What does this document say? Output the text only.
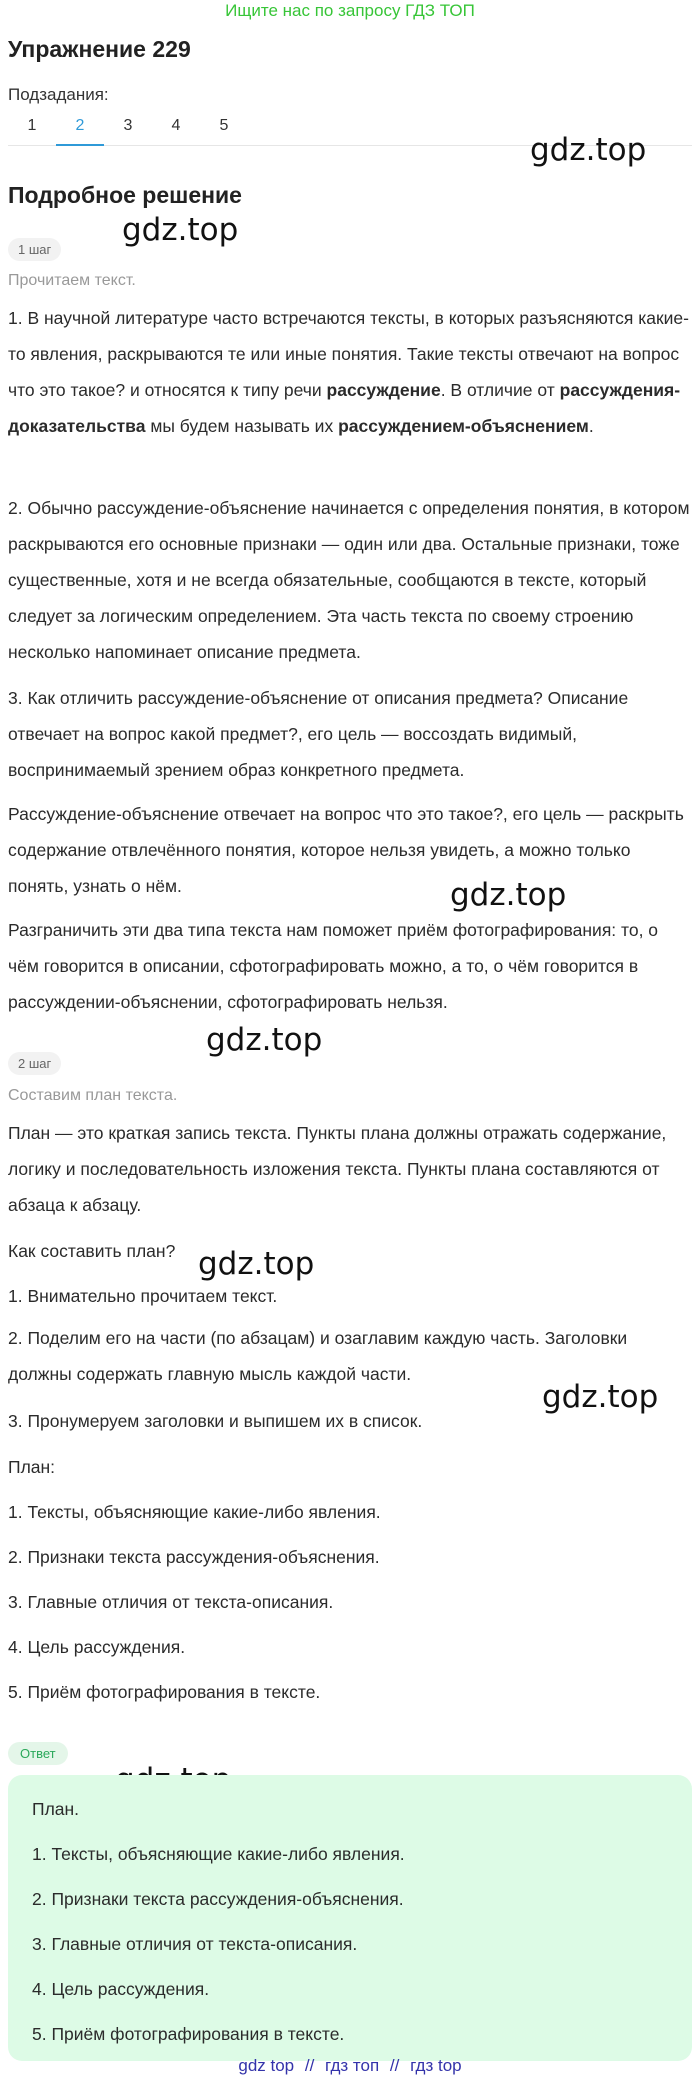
Ищите нас по запросу ГДЗ ТОП
Упражнение 229
Подзадания:
1	2	3	4	5
gdz.top
gdz.top
gdz.top
gdz.top
gdz.top
gdz.top
Подробное решение
1 шаг
Прочитаем текст.
1. В научной литературе часто встречаются тексты, в которых разъясняются какие-то явления, раскрываются те или иные понятия. Такие тексты отвечают на вопрос что это такое? и относятся к типу речи рассуждение. В отличие от рассуждения-доказательства мы будем называть их рассуждением-объяснением.
2. Обычно рассуждение-объяснение начинается с определения понятия, в котором раскрываются его основные признаки — один или два. Остальные признаки, тоже существенные, хотя и не всегда обязательные, сообщаются в тексте, который следует за логическим определением. Эта часть текста по своему строению несколько напоминает описание предмета.
3. Как отличить рассуждение-объяснение от описания предмета? Описание отвечает на вопрос какой предмет?, его цель — воссоздать видимый, воспринимаемый зрением образ конкретного предмета.
Рассуждение-объяснение отвечает на вопрос что это такое?, его цель — раскрыть содержание отвлечённого понятия, которое нельзя увидеть, а можно только понять, узнать о нём.
Разграничить эти два типа текста нам поможет приём фотографирования: то, о чём говорится в описании, сфотографировать можно, а то, о чём говорится в рассуждении-объяснении, сфотографировать нельзя.
2 шаг
Составим план текста.
План — это краткая запись текста. Пункты плана должны отражать содержание, логику и последовательность изложения текста. Пункты плана составляются от абзаца к абзацу.
Как составить план?
1. Внимательно прочитаем текст.
2. Поделим его на части (по абзацам) и озаглавим каждую часть. Заголовки должны содержать главную мысль каждой части.
3. Пронумеруем заголовки и выпишем их в список.
План:
1. Тексты, объясняющие какие-либо явления.
2. Признаки текста рассуждения-объяснения.
3. Главные отличия от текста-описания.
4. Цель рассуждения.
5. Приём фотографирования в тексте.
Ответ
План.
1. Тексты, объясняющие какие-либо явления.
2. Признаки текста рассуждения-объяснения.
3. Главные отличия от текста-описания.
4. Цель рассуждения.
5. Приём фотографирования в тексте.
gdz top // гдз топ // гдз top
